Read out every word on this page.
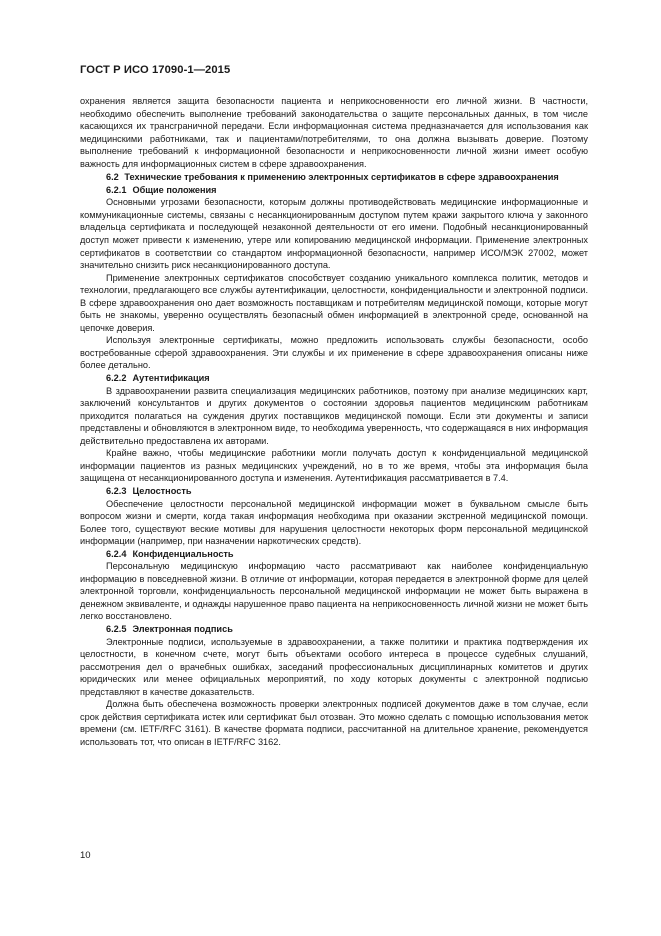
ГОСТ Р ИСО 17090-1—2015

охранения является защита безопасности пациента и неприкосновенности его личной жизни. В частности, необходимо обеспечить выполнение требований законодательства о защите персональных данных, в том числе касающихся их трансграничной передачи. Если информационная система предназначается для использования как медицинскими работниками, так и пациентами/потребителями, то она должна вызывать доверие. Поэтому выполнение требований к информационной безопасности и неприкосновенности личной жизни имеет особую важность для информационных систем в сфере здравоохранения.

6.2 Технические требования к применению электронных сертификатов в сфере здравоохранения

6.2.1 Общие положения

Основными угрозами безопасности, которым должны противодействовать медицинские информационные и коммуникационные системы, связаны с несанкционированным доступом путем кражи закрытого ключа у законного владельца сертификата и последующей незаконной деятельности от его имени. Подобный несанкционированный доступ может привести к изменению, утере или копированию медицинской информации. Применение электронных сертификатов в соответствии со стандартом информационной безопасности, например ИСО/МЭК 27002, может значительно снизить риск несанкционированного доступа.

Применение электронных сертификатов способствует созданию уникального комплекса политик, методов и технологии, предлагающего все службы аутентификации, целостности, конфиденциальности и электронной подписи. В сфере здравоохранения оно дает возможность поставщикам и потребителям медицинской помощи, которые могут быть не знакомы, уверенно осуществлять безопасный обмен информацией в электронной среде, основанной на цепочке доверия.

Используя электронные сертификаты, можно предложить использовать службы безопасности, особо востребованные сферой здравоохранения. Эти службы и их применение в сфере здравоохранения описаны ниже более детально.

6.2.2 Аутентификация

В здравоохранении развита специализация медицинских работников, поэтому при анализе медицинских карт, заключений консультантов и других документов о состоянии здоровья пациентов медицинским работникам приходится полагаться на суждения других поставщиков медицинской помощи. Если эти документы и записи представлены и обновляются в электронном виде, то необходима уверенность, что содержащаяся в них информация действительно предоставлена их авторами.

Крайне важно, чтобы медицинские работники могли получать доступ к конфиденциальной медицинской информации пациентов из разных медицинских учреждений, но в то же время, чтобы эта информация была защищена от несанкционированного доступа и изменения. Аутентификация рассматривается в 7.4.

6.2.3 Целостность

Обеспечение целостности персональной медицинской информации может в буквальном смысле быть вопросом жизни и смерти, когда такая информация необходима при оказании экстренной медицинской помощи. Более того, существуют веские мотивы для нарушения целостности некоторых форм персональной медицинской информации (например, при назначении наркотических средств).

6.2.4 Конфиденциальность

Персональную медицинскую информацию часто рассматривают как наиболее конфиденциальную информацию в повседневной жизни. В отличие от информации, которая передается в электронной форме для целей электронной торговли, конфиденциальность персональной медицинской информации не может быть выражена в денежном эквиваленте, и однажды нарушенное право пациента на неприкосновенность личной жизни не может быть легко восстановлено.

6.2.5 Электронная подпись

Электронные подписи, используемые в здравоохранении, а также политики и практика подтверждения их целостности, в конечном счете, могут быть объектами особого интереса в процессе судебных слушаний, рассмотрения дел о врачебных ошибках, заседаний профессиональных дисциплинарных комитетов и других юридических или менее официальных мероприятий, по ходу которых документы с электронной подписью представляют в качестве доказательств.

Должна быть обеспечена возможность проверки электронных подписей документов даже в том случае, если срок действия сертификата истек или сертификат был отозван. Это можно сделать с помощью использования меток времени (см. IETF/RFC 3161). В качестве формата подписи, рассчитанной на длительное хранение, рекомендуется использовать тот, что описан в IETF/RFC 3162.

10
